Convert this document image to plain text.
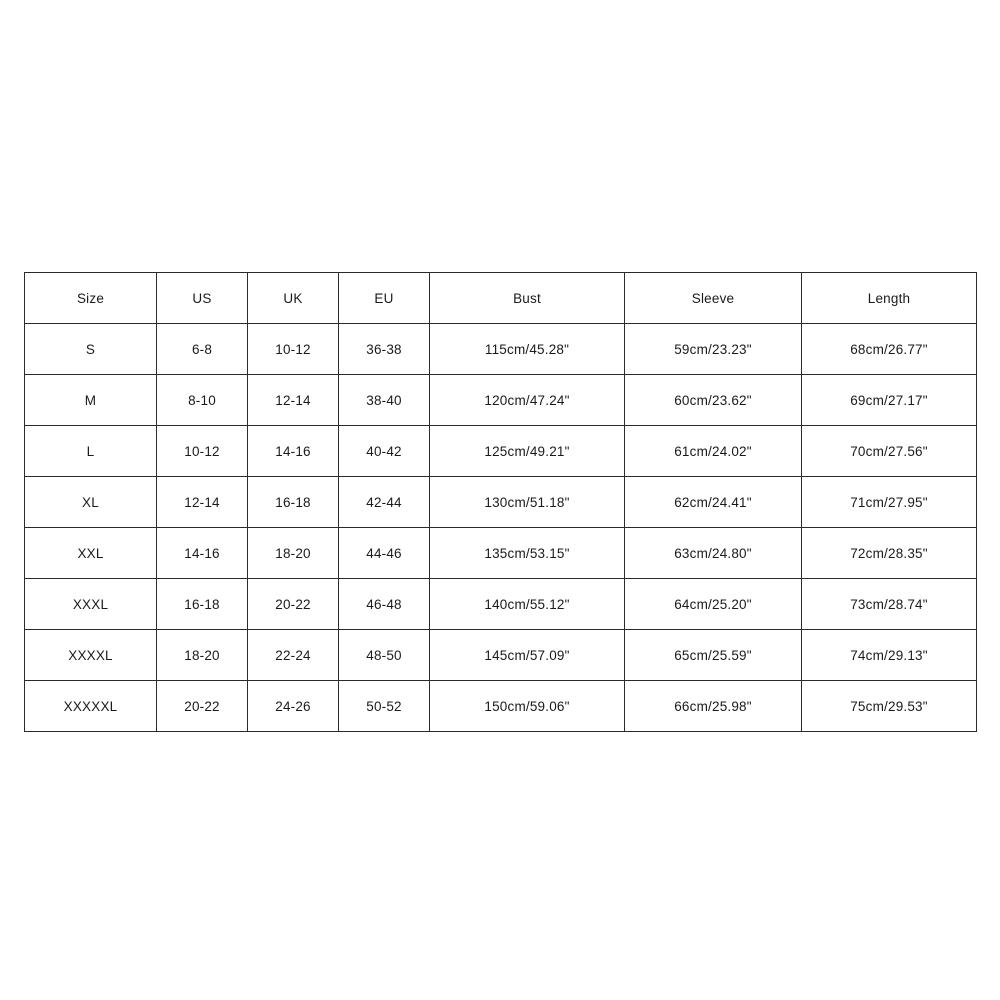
Size	US	UK	EU	Bust	Sleeve	Length
S	6-8	10-12	36-38	115cm/45.28"	59cm/23.23"	68cm/26.77"
M	8-10	12-14	38-40	120cm/47.24"	60cm/23.62"	69cm/27.17"
L	10-12	14-16	40-42	125cm/49.21"	61cm/24.02"	70cm/27.56"
XL	12-14	16-18	42-44	130cm/51.18"	62cm/24.41"	71cm/27.95"
XXL	14-16	18-20	44-46	135cm/53.15"	63cm/24.80"	72cm/28.35"
XXXL	16-18	20-22	46-48	140cm/55.12"	64cm/25.20"	73cm/28.74"
XXXXL	18-20	22-24	48-50	145cm/57.09"	65cm/25.59"	74cm/29.13"
XXXXXL	20-22	24-26	50-52	150cm/59.06"	66cm/25.98"	75cm/29.53"
